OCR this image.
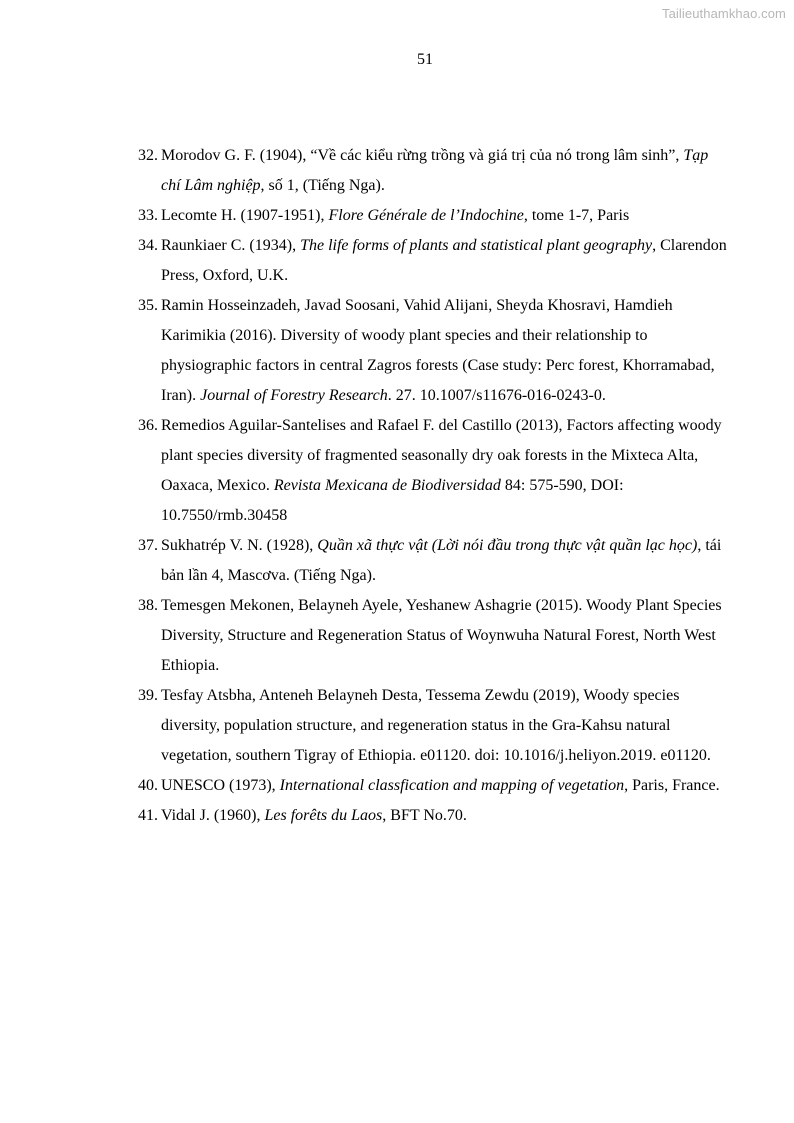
Tailieuthamkhao.com
51
32. Morodov G. F. (1904), “Về các kiểu rừng trồng và giá trị của nó trong lâm sinh”, Tạp chí Lâm nghiệp, số 1, (Tiếng Nga).
33. Lecomte H. (1907-1951), Flore Générale de l’Indochine, tome 1-7, Paris
34. Raunkiaer C. (1934), The life forms of plants and statistical plant geography, Clarendon Press, Oxford, U.K.
35. Ramin Hosseinzadeh, Javad Soosani, Vahid Alijani, Sheyda Khosravi, Hamdieh Karimikia (2016). Diversity of woody plant species and their relationship to physiographic factors in central Zagros forests (Case study: Perc forest, Khorramabad, Iran). Journal of Forestry Research. 27. 10.1007/s11676-016-0243-0.
36. Remedios Aguilar-Santelises and Rafael F. del Castillo (2013), Factors affecting woody plant species diversity of fragmented seasonally dry oak forests in the Mixteca Alta, Oaxaca, Mexico. Revista Mexicana de Biodiversidad 84: 575-590, DOI: 10.7550/rmb.30458
37. Sukhatrép V. N. (1928), Quần xã thực vật (Lời nói đầu trong thực vật quần lạc học), tái bản lần 4, Mascơva. (Tiếng Nga).
38. Temesgen Mekonen, Belayneh Ayele, Yeshanew Ashagrie (2015). Woody Plant Species Diversity, Structure and Regeneration Status of Woynwuha Natural Forest, North West Ethiopia.
39. Tesfay Atsbha, Anteneh Belayneh Desta, Tessema Zewdu (2019), Woody species diversity, population structure, and regeneration status in the Gra-Kahsu natural vegetation, southern Tigray of Ethiopia. e01120. doi: 10.1016/j.heliyon.2019. e01120.
40. UNESCO (1973), International classfication and mapping of vegetation, Paris, France.
41. Vidal J. (1960), Les forêts du Laos, BFT No.70.
